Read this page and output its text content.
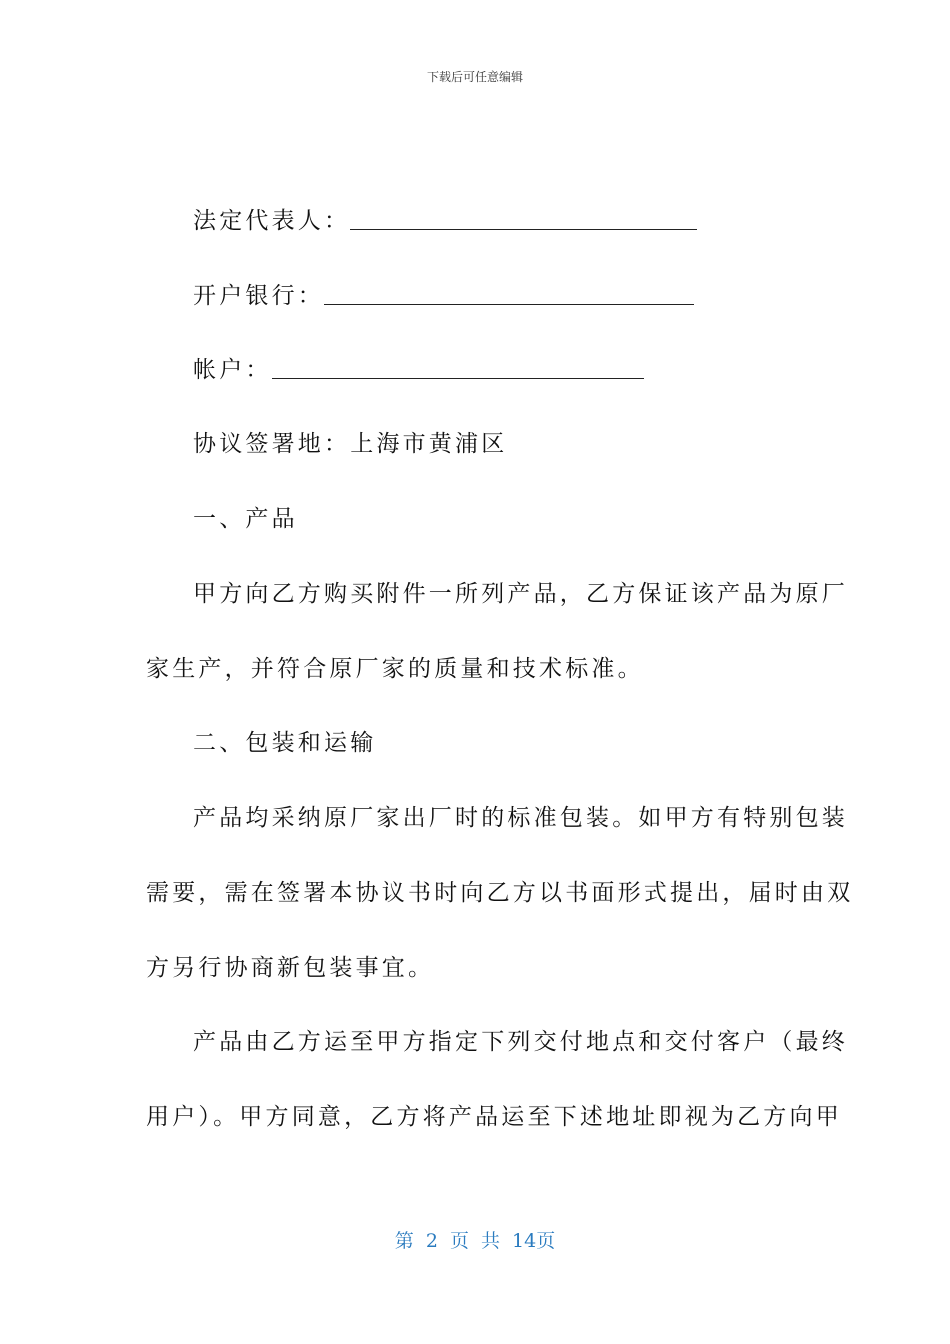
下载后可任意编辑
法定代表人：
开户银行：
帐户：
协议签署地：上海市黄浦区
一、产品
甲方向乙方购买附件一所列产品，乙方保证该产品为原厂
家生产，并符合原厂家的质量和技术标准。
二、包装和运输
产品均采纳原厂家出厂时的标准包装。如甲方有特别包装
需要，需在签署本协议书时向乙方以书面形式提出，届时由双
方另行协商新包装事宜。
产品由乙方运至甲方指定下列交付地点和交付客户（最终
用户）。甲方同意，乙方将产品运至下述地址即视为乙方向甲
第 2 页 共 14页
